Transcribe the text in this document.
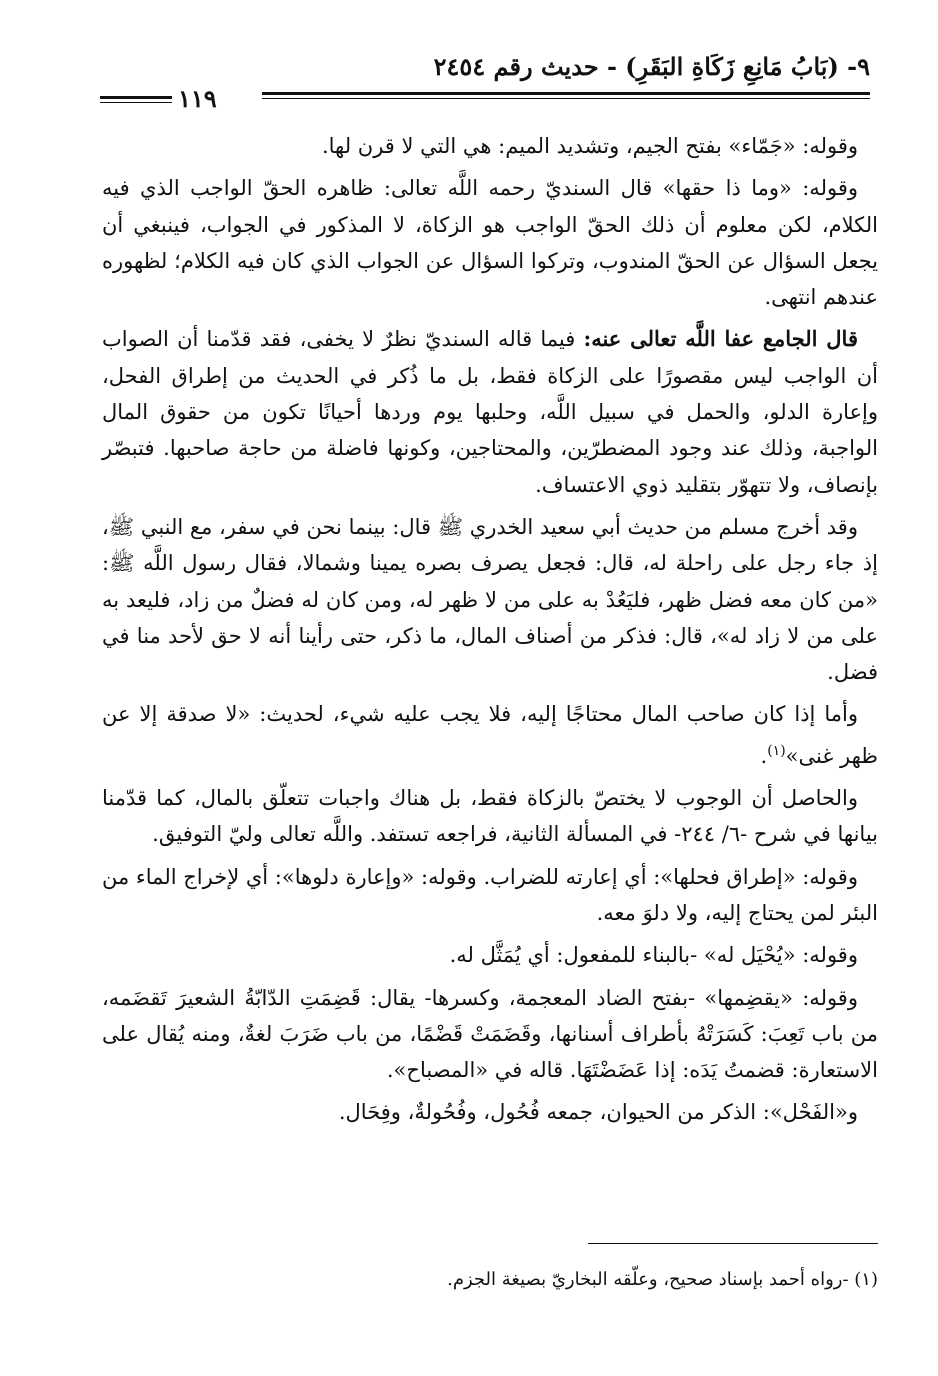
٩- (بَابُ مَانِعِ زَكَاةِ البَقَرِ) - حديث رقم ٢٤٥٤
١١٩

وقوله: «جَمّاء» بفتح الجيم، وتشديد الميم: هي التي لا قرن لها.

وقوله: «وما ذا حقها» قال السنديّ رحمه اللَّه تعالى: ظاهره الحقّ الواجب الذي فيه الكلام، لكن معلوم أن ذلك الحقّ الواجب هو الزكاة، لا المذكور في الجواب، فينبغي أن يجعل السؤال عن الحقّ المندوب، وتركوا السؤال عن الجواب الذي كان فيه الكلام؛ لظهوره عندهم انتهى.

قال الجامع عفا اللَّه تعالى عنه: فيما قاله السنديّ نظرٌ لا يخفى، فقد قدّمنا أن الصواب أن الواجب ليس مقصورًا على الزكاة فقط، بل ما ذُكر في الحديث من إطراق الفحل، وإعارة الدلو، والحمل في سبيل اللَّه، وحلبها يوم وردها أحيانًا تكون من حقوق المال الواجبة، وذلك عند وجود المضطرّين، والمحتاجين، وكونها فاضلة من حاجة صاحبها. فتبصّر بإنصاف، ولا تتهوّر بتقليد ذوي الاعتساف.

وقد أخرج مسلم من حديث أبي سعيد الخدري ﷺ قال: بينما نحن في سفر، مع النبي ﷺ، إذ جاء رجل على راحلة له، قال: فجعل يصرف بصره يمينا وشمالا، فقال رسول اللَّه ﷺ: «من كان معه فضل ظهر، فليَعُدْ به على من لا ظهر له، ومن كان له فضلٌ من زاد، فليعد به على من لا زاد له»، قال: فذكر من أصناف المال، ما ذكر، حتى رأينا أنه لا حق لأحد منا في فضل.

وأما إذا كان صاحب المال محتاجًا إليه، فلا يجب عليه شيء، لحديث: «لا صدقة إلا عن ظهر غنى»$^{(١)}$.

والحاصل أن الوجوب لا يختصّ بالزكاة فقط، بل هناك واجبات تتعلّق بالمال، كما قدّمنا بيانها في شرح -٦/ ٢٤٤- في المسألة الثانية، فراجعه تستفد. واللَّه تعالى وليّ التوفيق.

وقوله: «إطراق فحلها»: أي إعارته للضراب. وقوله: «وإعارة دلوها»: أي لإخراج الماء من البئر لمن يحتاج إليه، ولا دلوَ معه.

وقوله: «يُحْيَل له» -بالبناء للمفعول: أي يُمَثَّل له.

وقوله: «يقضِمها» -بفتح الضاد المعجمة، وكسرها- يقال: قَضِمَتِ الدّابّةُ الشعيرَ تَقضَمه، من باب تَعِبَ: كَسَرَتْهُ بأطراف أسنانها، وقَضَمَتْ قَضْمًا، من باب ضَرَبَ لغةٌ، ومنه يُقال على الاستعارة: قضمتُ يَدَه: إذا عَضَضْتَهَا. قاله في «المصباح».

و«الفَحْل»: الذكر من الحيوان، جمعه فُحُول، وفُحُولةٌ، وفِحَال.

(١) -رواه أحمد بإسناد صحيح، وعلّقه البخاريّ بصيغة الجزم.
